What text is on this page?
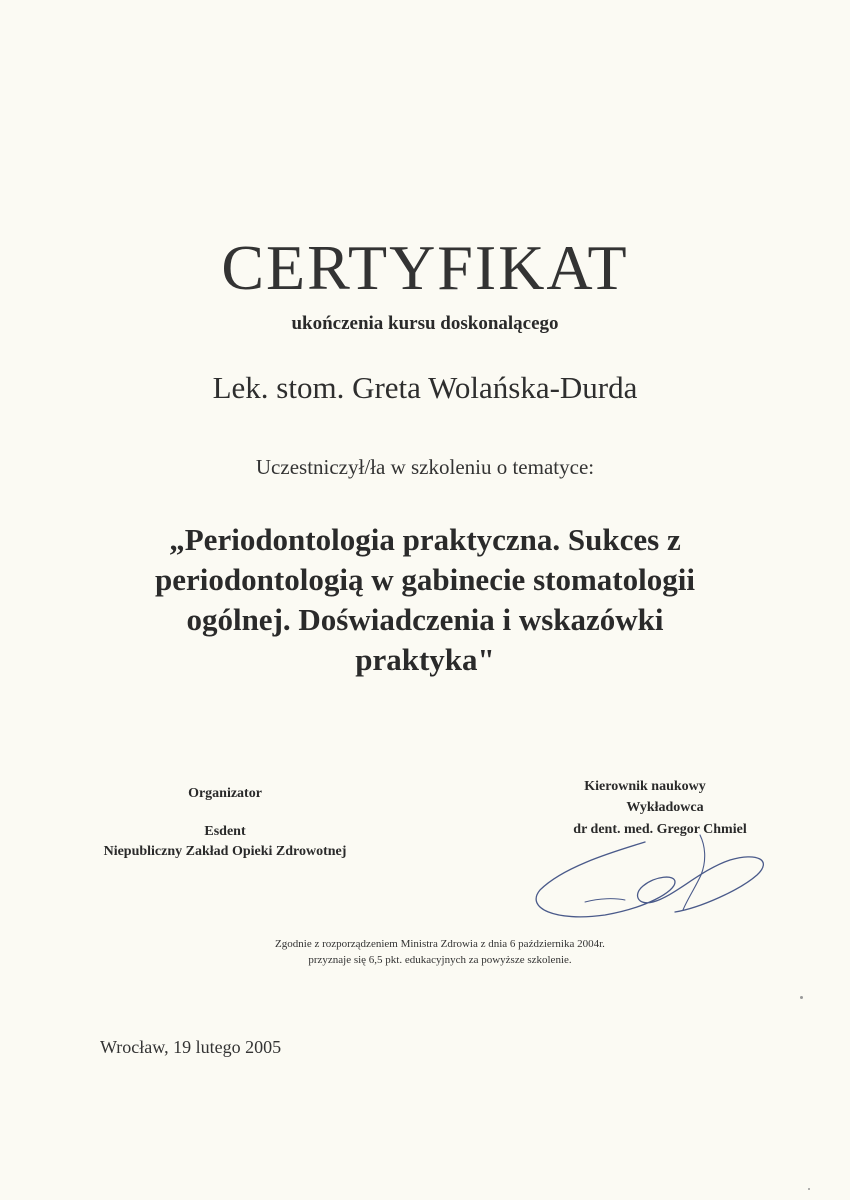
CERTYFIKAT
ukończenia kursu doskonalącego
Lek. stom. Greta Wolańska-Durda
Uczestniczył/ła w szkoleniu o tematyce:
„Periodontologia praktyczna. Sukces z
periodontologią w gabinecie stomatologii
ogólnej. Doświadczenia i wskazówki
praktyka"
Organizator
Esdent
Niepubliczny Zakład Opieki Zdrowotnej
Kierownik naukowy
Wykładowca
dr dent. med. Gregor Chmiel
Zgodnie z rozporządzeniem Ministra Zdrowia z dnia 6 października 2004r.
przyznaje się 6,5 pkt. edukacyjnych za powyższe szkolenie.
Wrocław, 19 lutego 2005
